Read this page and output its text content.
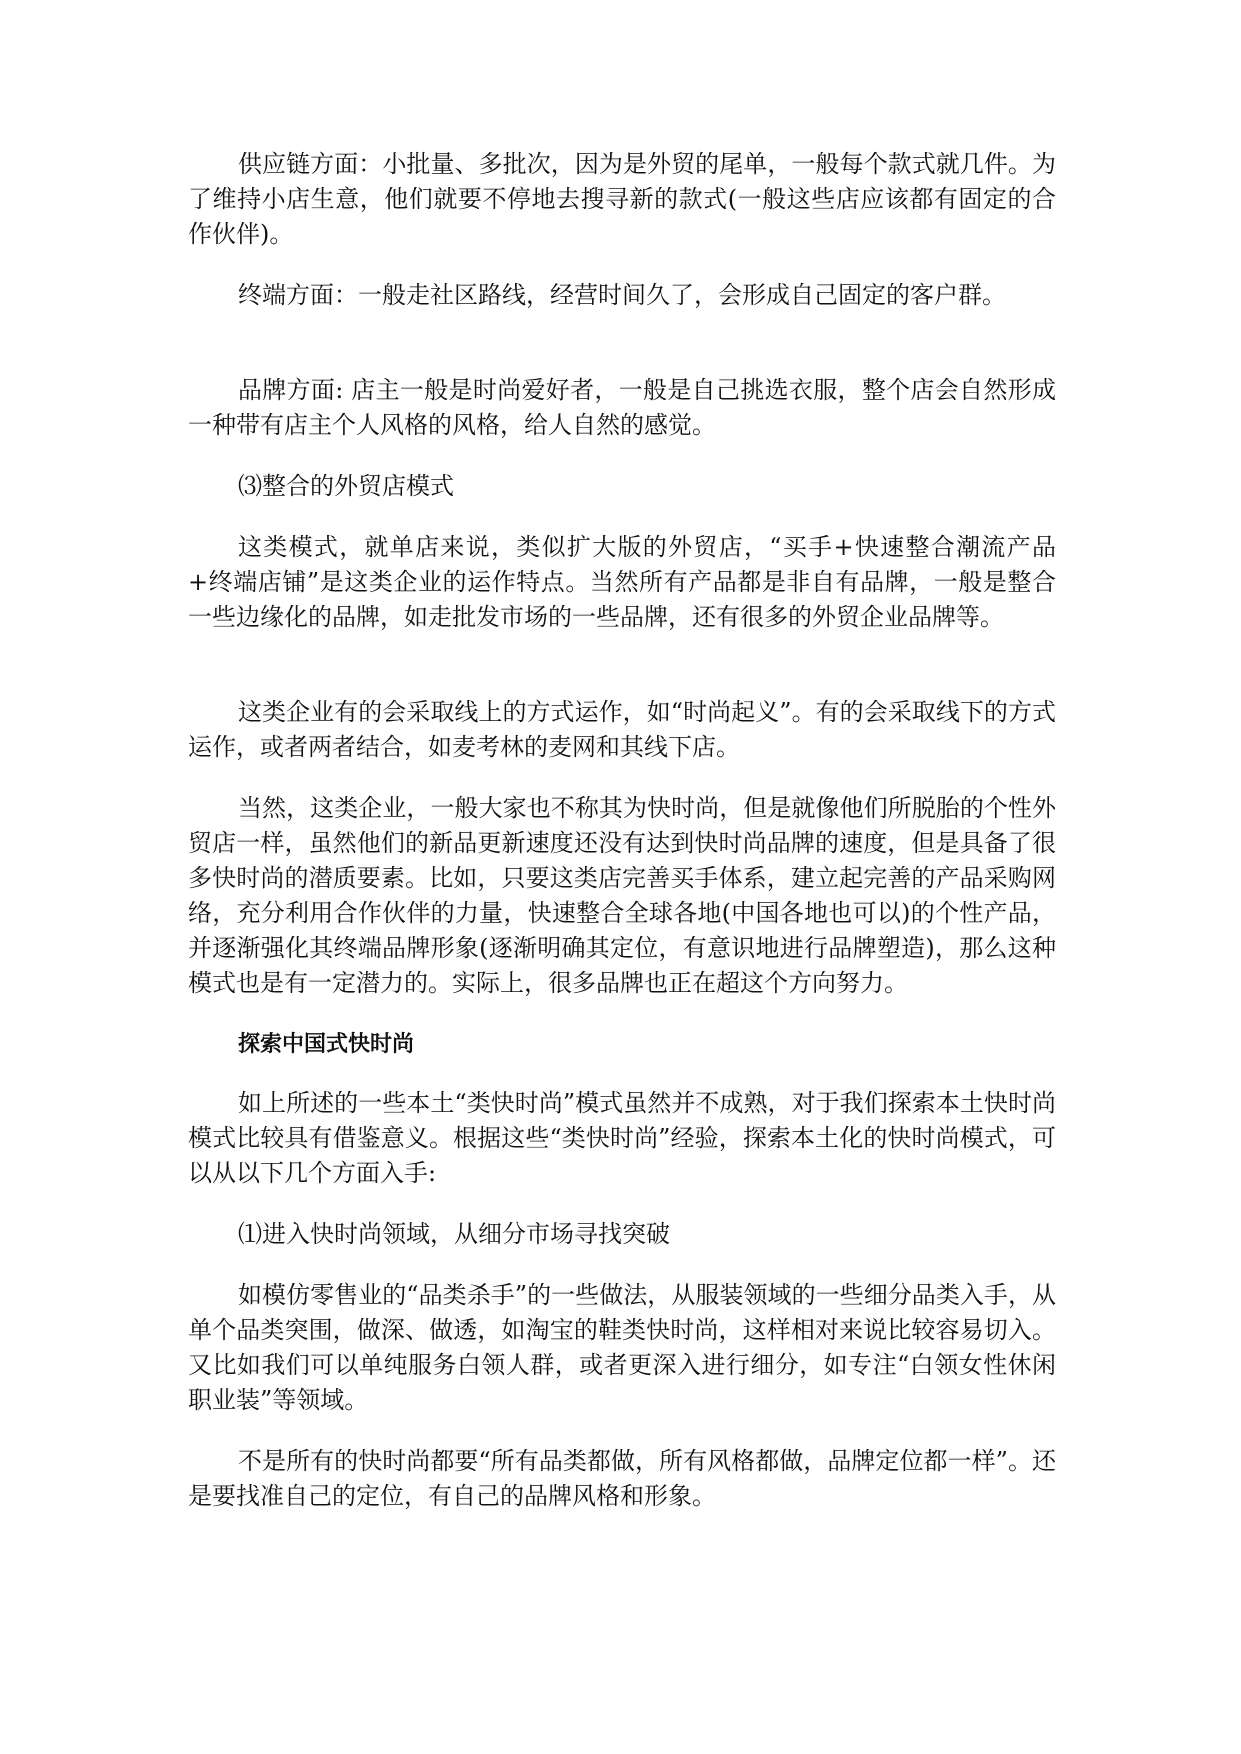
供应链方面：小批量、多批次，因为是外贸的尾单，一般每个款式就几件。为了维持小店生意，他们就要不停地去搜寻新的款式(一般这些店应该都有固定的合作伙伴)。

终端方面：一般走社区路线，经营时间久了，会形成自己固定的客户群。

品牌方面: 店主一般是时尚爱好者，一般是自己挑选衣服，整个店会自然形成一种带有店主个人风格的风格，给人自然的感觉。

⑶整合的外贸店模式

这类模式，就单店来说，类似扩大版的外贸店，“买手+快速整合潮流产品+终端店铺”是这类企业的运作特点。当然所有产品都是非自有品牌，一般是整合一些边缘化的品牌，如走批发市场的一些品牌，还有很多的外贸企业品牌等。

这类企业有的会采取线上的方式运作，如“时尚起义”。有的会采取线下的方式运作，或者两者结合，如麦考林的麦网和其线下店。

当然，这类企业，一般大家也不称其为快时尚，但是就像他们所脱胎的个性外贸店一样，虽然他们的新品更新速度还没有达到快时尚品牌的速度，但是具备了很多快时尚的潜质要素。比如，只要这类店完善买手体系，建立起完善的产品采购网络，充分利用合作伙伴的力量，快速整合全球各地(中国各地也可以)的个性产品，并逐渐强化其终端品牌形象(逐渐明确其定位，有意识地进行品牌塑造)，那么这种模式也是有一定潜力的。实际上，很多品牌也正在超这个方向努力。

探索中国式快时尚

如上所述的一些本土“类快时尚”模式虽然并不成熟，对于我们探索本土快时尚模式比较具有借鉴意义。根据这些“类快时尚”经验，探索本土化的快时尚模式，可以从以下几个方面入手:

⑴进入快时尚领域，从细分市场寻找突破

如模仿零售业的“品类杀手”的一些做法，从服装领域的一些细分品类入手，从单个品类突围，做深、做透，如淘宝的鞋类快时尚，这样相对来说比较容易切入。又比如我们可以单纯服务白领人群，或者更深入进行细分，如专注“白领女性休闲职业装”等领域。

不是所有的快时尚都要“所有品类都做，所有风格都做，品牌定位都一样”。还是要找准自己的定位，有自己的品牌风格和形象。
